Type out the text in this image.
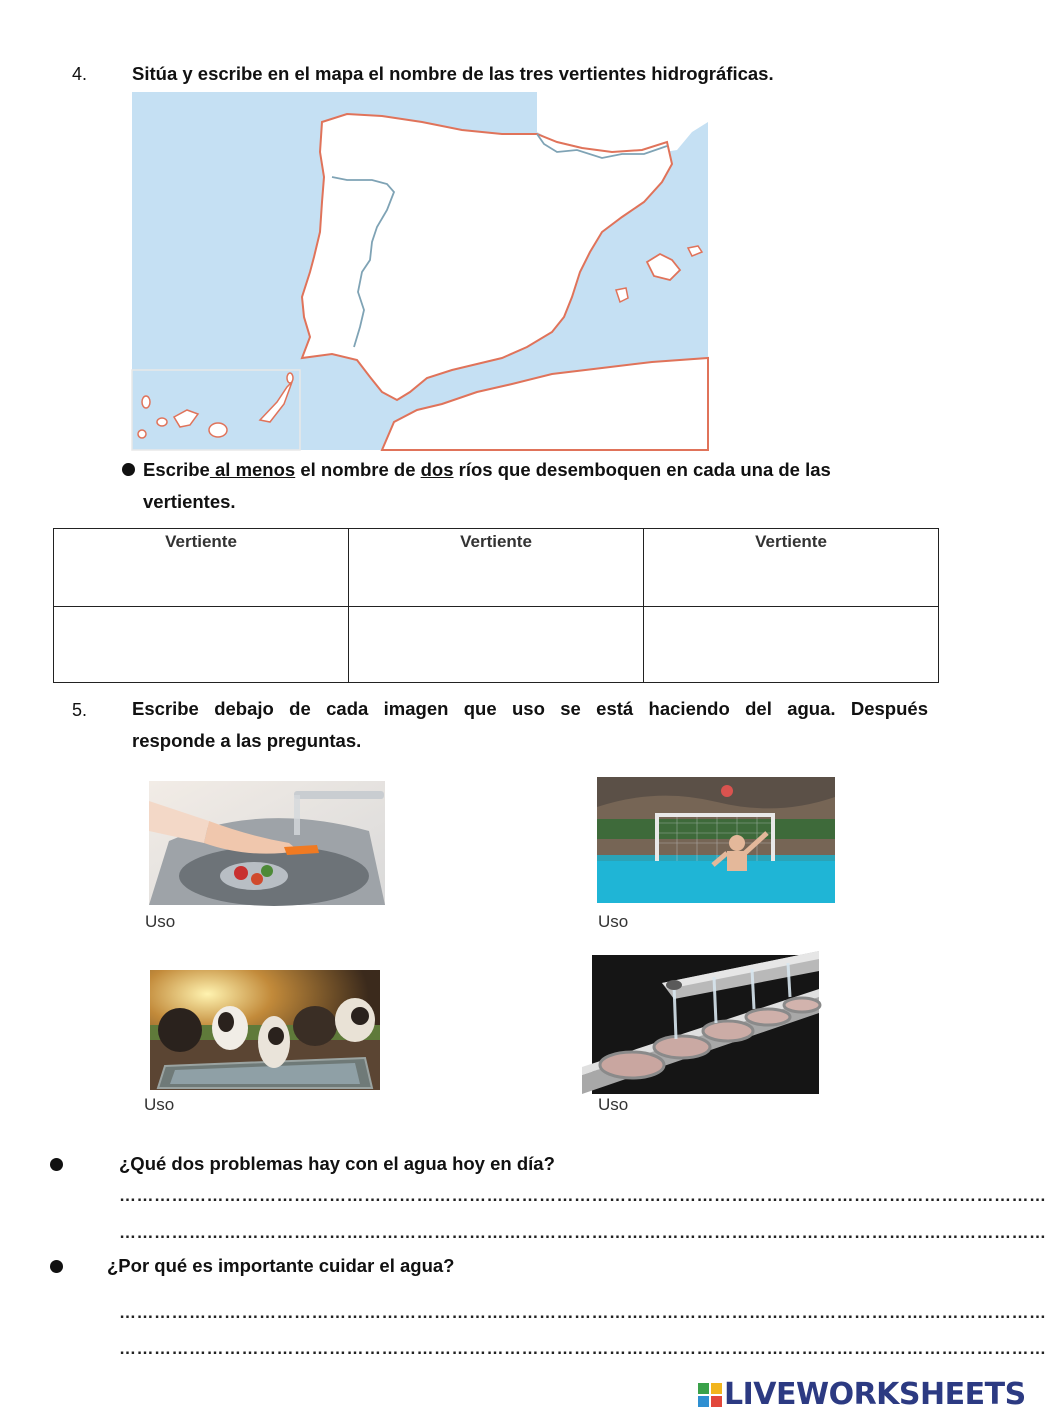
4. Sitúa y escribe en el mapa el nombre de las tres vertientes hidrográficas.
Escribe al menos el nombre de dos ríos que desemboquen en cada una de las
vertientes.
Vertiente	Vertiente	Vertiente

5. Escribe debajo de cada imagen que uso se está haciendo del agua. Después
responde a las preguntas.
Uso	Uso
Uso	Uso
¿Qué dos problemas hay con el agua hoy en día?
……………………………………………………………………………………………………………………………………………
……………………………………………………………………………………………………………………………………………
¿Por qué es importante cuidar el agua?
……………………………………………………………………………………………………………………………………………
……………………………………………………………………………………………………………………………………………
LIVEWORKSHEETS
